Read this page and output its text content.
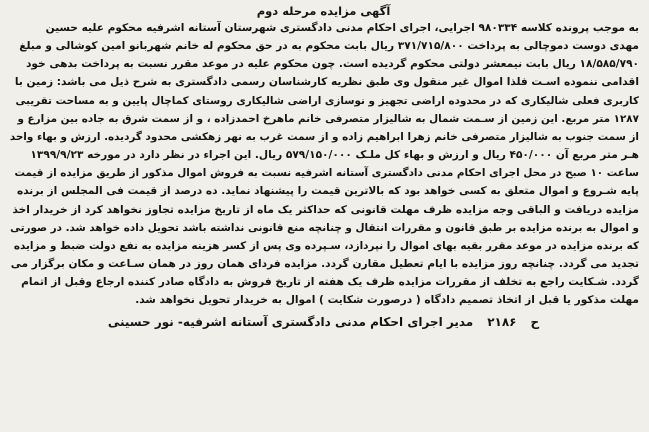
آگهی مزایده مرحله دوم

به موجب پرونده کلاسه ۹۸۰۳۳۴ اجرایی، اجرای احکام مدنی دادگستری شهرستان آستانه اشرفیه محکوم علیه حسین
مهدی دوست دموچالی به پرداخت ۳۷۱/۷۱۵/۸۰۰ ریال بابت محکوم به در حق محکوم له خانم شهربانو امین کوشالی و مبلغ
۱۸/۵۸۵/۷۹۰ ریال بابت نیمعشر دولتی محکوم گردیده است. چون محکوم علیه در موعد مقرر نسبت به پرداخت بدهی خود
اقدامی ننموده اسـت فلذا اموال غیر منقول وی طبق نظریه کارشناسان رسمی دادگستری به شرح ذیل می باشد: زمین با
کاربری فعلی شالیکاری که در محدوده اراضی تجهیز و نوسازی اراضی شالیکاری روستای کماچال پایین و به مساحت تقریبی
۱۲۸۷ متر مربع. این زمین از سـمت شمال به شالیزار متصرفی خانم ماهرخ احمدزاده ، و از سمت شرق به جاده بین مزارع و
از سمت جنوب به شالیزار متصرفی خانم زهرا ابراهیم زاده و از سمت غرب به نهر زهکشی محدود گردیده. ارزش و بهاء واحد
هـر متر مربع آن ۴۵۰/۰۰۰ ریال و ارزش و بهاء کل ملـک ۵۷۹/۱۵۰/۰۰۰ ریال. این اجراء در نظر دارد در مورخه ۱۳۹۹/۹/۲۳
ساعت ۱۰ صبح در محل اجرای احکام مدنی دادگستری آستانه اشرفیه نسبت به فروش اموال مذکور از طریق مزایده از قیمت
پایه شـروع و اموال متعلق به کسی خواهد بود که بالاترین قیمت را پیشنهاد نماید. ده درصد از قیمت فی المجلس از برنده
مزایده دریافت و الباقی وجه مزایده ظرف مهلت قانونی که حداکثر یک ماه از تاریخ مزایده تجاوز نخواهد کرد از خریدار اخذ
و اموال به برنده مزایده بر طبق قانون و مقررات انتقال و چنانچه منع قانونی نداشته باشد تحویل داده خواهد شد. در صورتی
که برنده مزایده در موعد مقرر بقیه بهای اموال را نپردازد، سـپرده وی پس از کسر هزینه مزایده به نفع دولت ضبط و مزایده
تجدید می گردد. چنانچه روز مزایده با ایام تعطیل مقارن گردد. مزایده فردای همان روز در همان سـاعت و مکان برگزار می
گردد. شـکایت راجع به تخلف از مقررات مزایده ظرف یک هفته از تاریخ فروش به دادگاه صادر کننده ارجاع وقبل از اتمام
مهلت مذکور یا قبل از اتخاذ تصمیم دادگاه ( درصورت شکایت ) اموال به خریدار تحویل نخواهد شد.

ح
۲۱۸۶
مدیر اجرای احکام مدنی دادگستری آستانه اشرفیه- نور حسینی
